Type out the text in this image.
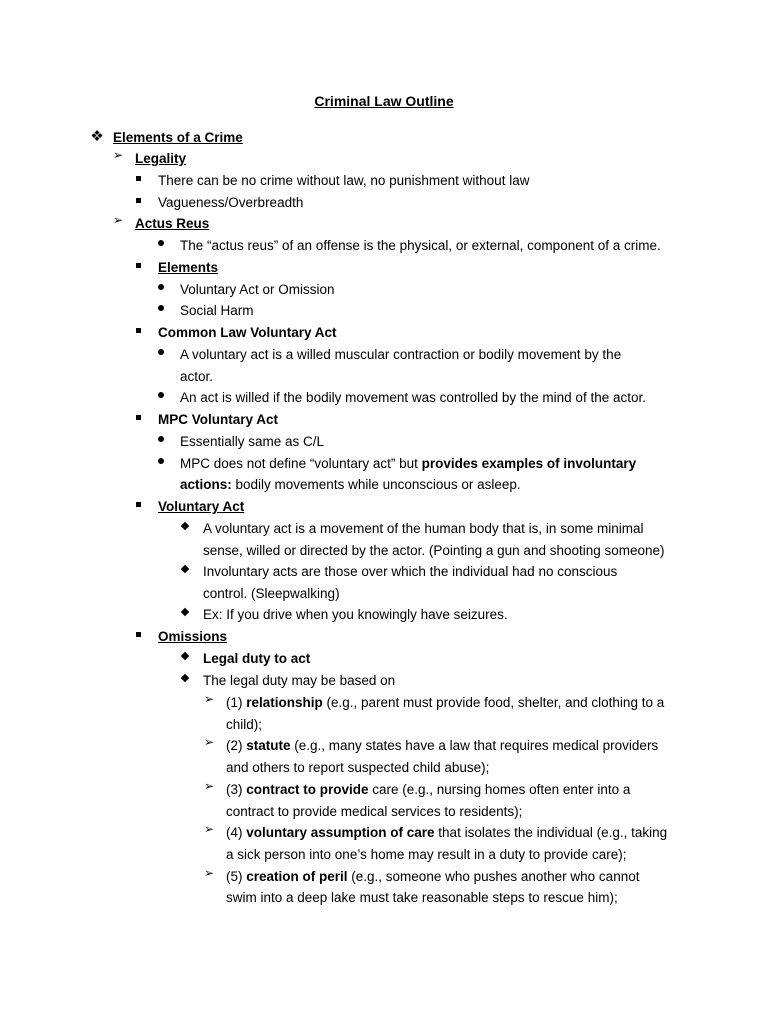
Criminal Law Outline
❖ Elements of a Crime
➢ Legality
There can be no crime without law, no punishment without law
Vagueness/Overbreadth
➢ Actus Reus
The “actus reus” of an offense is the physical, or external, component of a crime.
Elements
Voluntary Act or Omission
Social Harm
Common Law Voluntary Act
A voluntary act is a willed muscular contraction or bodily movement by the
actor.
An act is willed if the bodily movement was controlled by the mind of the actor.
MPC Voluntary Act
Essentially same as C/L
MPC does not define “voluntary act” but provides examples of involuntary
actions: bodily movements while unconscious or asleep.
Voluntary Act
A voluntary act is a movement of the human body that is, in some minimal
sense, willed or directed by the actor. (Pointing a gun and shooting someone)
Involuntary acts are those over which the individual had no conscious
control. (Sleepwalking)
Ex: If you drive when you knowingly have seizures.
Omissions
Legal duty to act
The legal duty may be based on
➢ (1) relationship (e.g., parent must provide food, shelter, and clothing to a
child);
➢ (2) statute (e.g., many states have a law that requires medical providers
and others to report suspected child abuse);
➢ (3) contract to provide care (e.g., nursing homes often enter into a
contract to provide medical services to residents);
➢ (4) voluntary assumption of care that isolates the individual (e.g., taking
a sick person into one’s home may result in a duty to provide care);
➢ (5) creation of peril (e.g., someone who pushes another who cannot
swim into a deep lake must take reasonable steps to rescue him);
